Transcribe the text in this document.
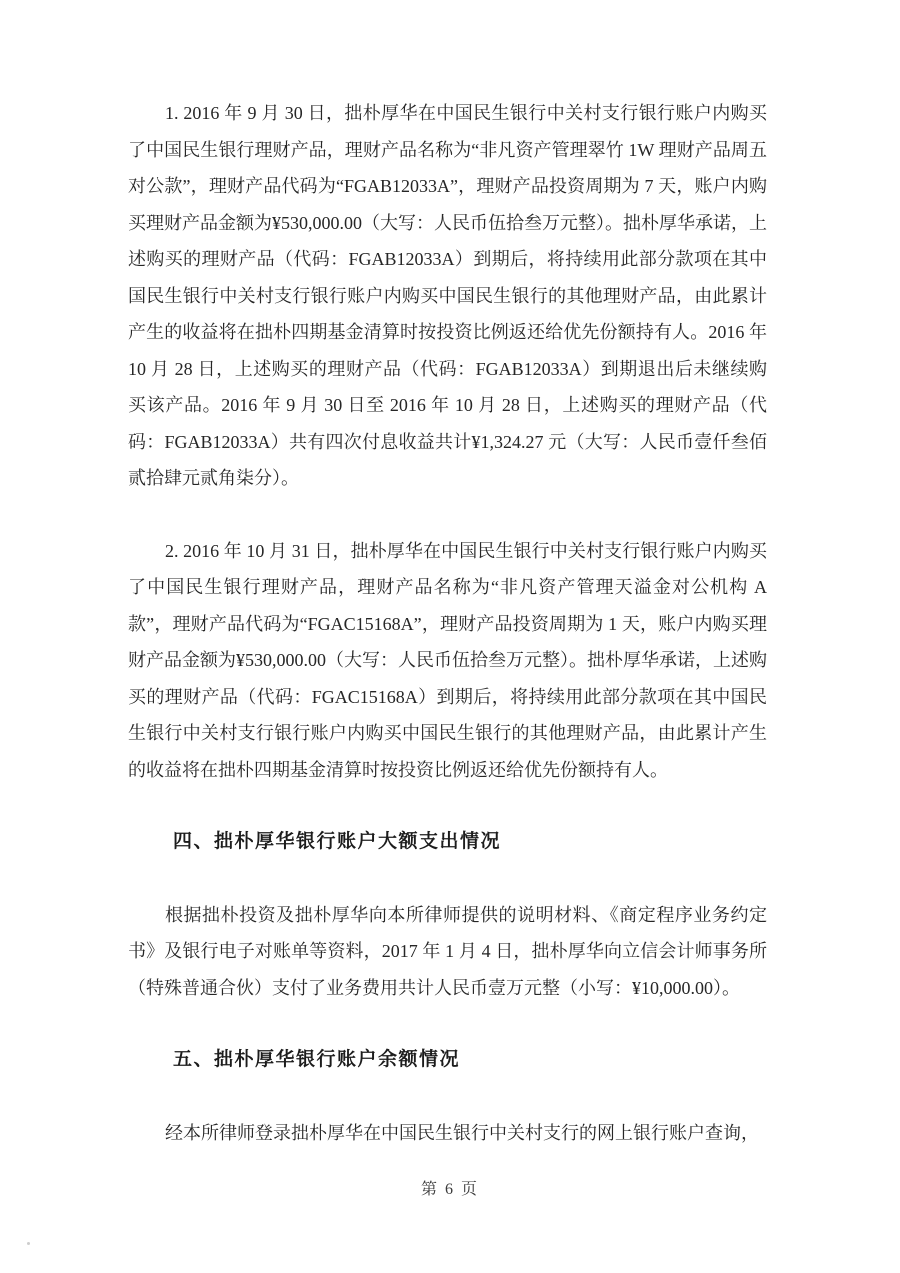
1. 2016 年 9 月 30 日，拙朴厚华在中国民生银行中关村支行银行账户内购买了中国民生银行理财产品，理财产品名称为“非凡资产管理翠竹 1W 理财产品周五对公款”，理财产品代码为“FGAB12033A”，理财产品投资周期为 7 天，账户内购买理财产品金额为¥530,000.00（大写：人民币伍拾叁万元整）。拙朴厚华承诺，上述购买的理财产品（代码：FGAB12033A）到期后，将持续用此部分款项在其中国民生银行中关村支行银行账户内购买中国民生银行的其他理财产品，由此累计产生的收益将在拙朴四期基金清算时按投资比例返还给优先份额持有人。2016 年 10 月 28 日，上述购买的理财产品（代码：FGAB12033A）到期退出后未继续购买该产品。2016 年 9 月 30 日至 2016 年 10 月 28 日，上述购买的理财产品（代码：FGAB12033A）共有四次付息收益共计¥1,324.27 元（大写：人民币壹仟叁佰贰拾肆元贰角柒分）。

2. 2016 年 10 月 31 日，拙朴厚华在中国民生银行中关村支行银行账户内购买了中国民生银行理财产品，理财产品名称为“非凡资产管理天溢金对公机构 A 款”，理财产品代码为“FGAC15168A”，理财产品投资周期为 1 天，账户内购买理财产品金额为¥530,000.00（大写：人民币伍拾叁万元整）。拙朴厚华承诺，上述购买的理财产品（代码：FGAC15168A）到期后，将持续用此部分款项在其中国民生银行中关村支行银行账户内购买中国民生银行的其他理财产品，由此累计产生的收益将在拙朴四期基金清算时按投资比例返还给优先份额持有人。

四、拙朴厚华银行账户大额支出情况

根据拙朴投资及拙朴厚华向本所律师提供的说明材料、《商定程序业务约定书》及银行电子对账单等资料，2017 年 1 月 4 日，拙朴厚华向立信会计师事务所（特殊普通合伙）支付了业务费用共计人民币壹万元整（小写：¥10,000.00）。

五、拙朴厚华银行账户余额情况

经本所律师登录拙朴厚华在中国民生银行中关村支行的网上银行账户查询，

第 6 页
